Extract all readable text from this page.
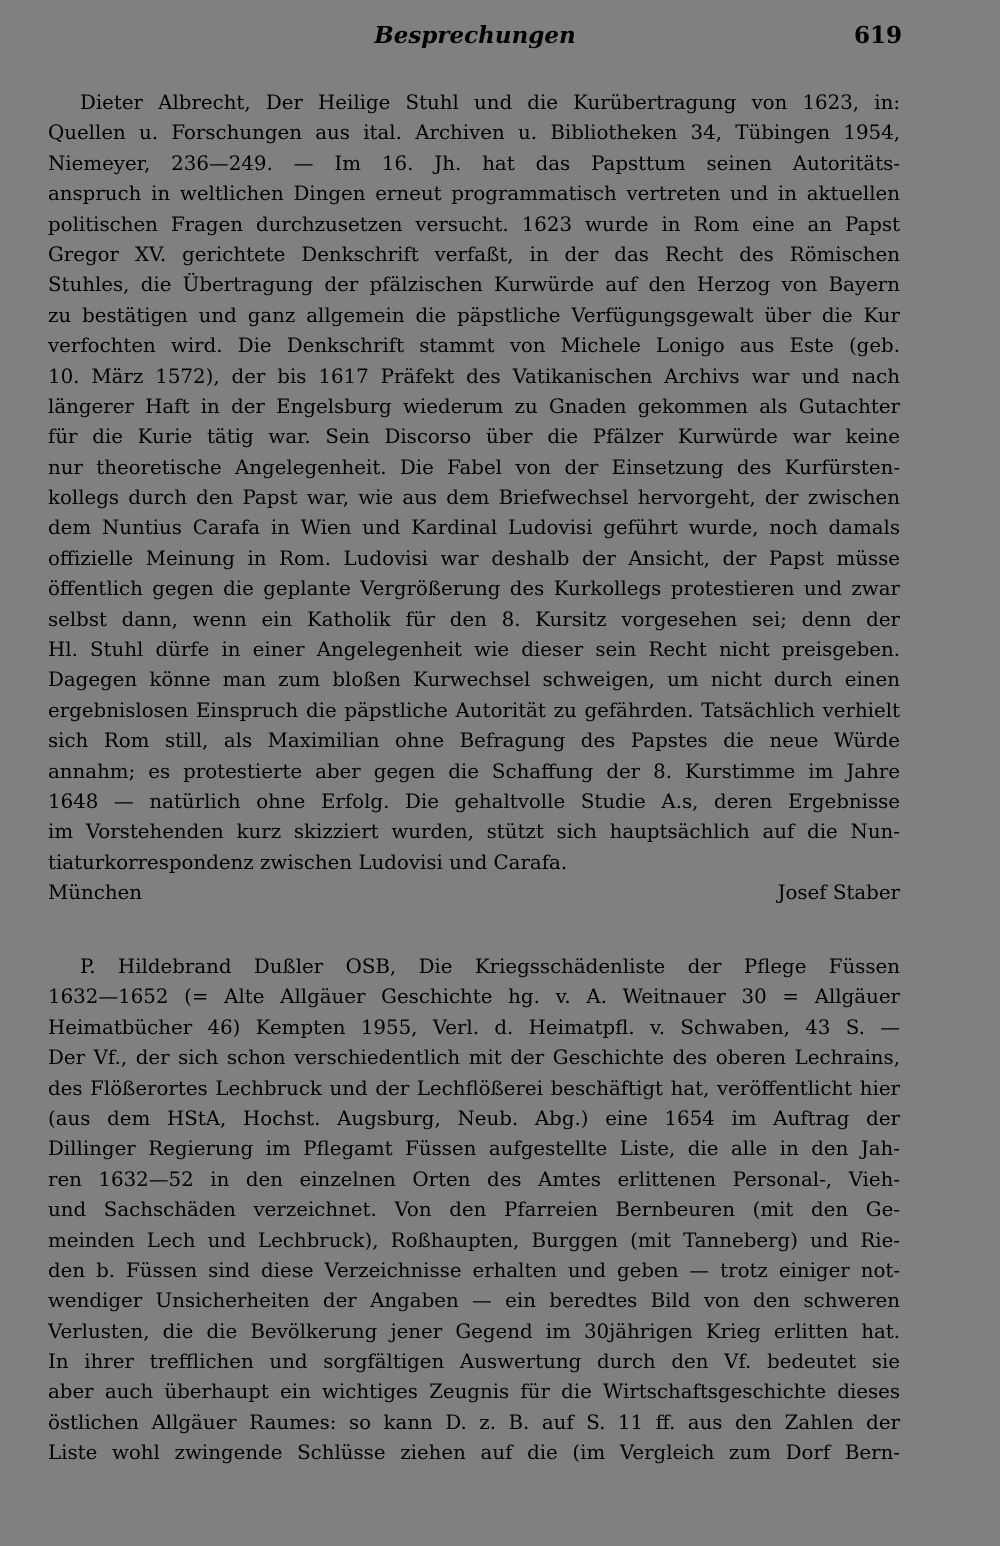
Besprechungen	619
Dieter Albrecht, Der Heilige Stuhl und die Kurübertragung von 1623, in:
Quellen u. Forschungen aus ital. Archiven u. Bibliotheken 34, Tübingen 1954,
Niemeyer, 236—249. — Im 16. Jh. hat das Papsttum seinen Autoritäts-
anspruch in weltlichen Dingen erneut programmatisch vertreten und in aktuellen
politischen Fragen durchzusetzen versucht. 1623 wurde in Rom eine an Papst
Gregor XV. gerichtete Denkschrift verfaßt, in der das Recht des Römischen
Stuhles, die Übertragung der pfälzischen Kurwürde auf den Herzog von Bayern
zu bestätigen und ganz allgemein die päpstliche Verfügungsgewalt über die Kur
verfochten wird. Die Denkschrift stammt von Michele Lonigo aus Este (geb.
10. März 1572), der bis 1617 Präfekt des Vatikanischen Archivs war und nach
längerer Haft in der Engelsburg wiederum zu Gnaden gekommen als Gutachter
für die Kurie tätig war. Sein Discorso über die Pfälzer Kurwürde war keine
nur theoretische Angelegenheit. Die Fabel von der Einsetzung des Kurfürsten-
kollegs durch den Papst war, wie aus dem Briefwechsel hervorgeht, der zwischen
dem Nuntius Carafa in Wien und Kardinal Ludovisi geführt wurde, noch damals
offizielle Meinung in Rom. Ludovisi war deshalb der Ansicht, der Papst müsse
öffentlich gegen die geplante Vergrößerung des Kurkollegs protestieren und zwar
selbst dann, wenn ein Katholik für den 8. Kursitz vorgesehen sei; denn der
Hl. Stuhl dürfe in einer Angelegenheit wie dieser sein Recht nicht preisgeben.
Dagegen könne man zum bloßen Kurwechsel schweigen, um nicht durch einen
ergebnislosen Einspruch die päpstliche Autorität zu gefährden. Tatsächlich verhielt
sich Rom still, als Maximilian ohne Befragung des Papstes die neue Würde
annahm; es protestierte aber gegen die Schaffung der 8. Kurstimme im Jahre
1648 — natürlich ohne Erfolg. Die gehaltvolle Studie A.s, deren Ergebnisse
im Vorstehenden kurz skizziert wurden, stützt sich hauptsächlich auf die Nun-
tiaturkorrespondenz zwischen Ludovisi und Carafa.
München	Josef Staber
P. Hildebrand Dußler OSB, Die Kriegsschädenliste der Pflege Füssen
1632—1652 (= Alte Allgäuer Geschichte hg. v. A. Weitnauer 30 = Allgäuer
Heimatbücher 46) Kempten 1955, Verl. d. Heimatpfl. v. Schwaben, 43 S. —
Der Vf., der sich schon verschiedentlich mit der Geschichte des oberen Lechrains,
des Flößerortes Lechbruck und der Lechflößerei beschäftigt hat, veröffentlicht hier
(aus dem HStA, Hochst. Augsburg, Neub. Abg.) eine 1654 im Auftrag der
Dillinger Regierung im Pflegamt Füssen aufgestellte Liste, die alle in den Jah-
ren 1632—52 in den einzelnen Orten des Amtes erlittenen Personal-, Vieh-
und Sachschäden verzeichnet. Von den Pfarreien Bernbeuren (mit den Ge-
meinden Lech und Lechbruck), Roßhaupten, Burggen (mit Tanneberg) und Rie-
den b. Füssen sind diese Verzeichnisse erhalten und geben — trotz einiger not-
wendiger Unsicherheiten der Angaben — ein beredtes Bild von den schweren
Verlusten, die die Bevölkerung jener Gegend im 30jährigen Krieg erlitten hat.
In ihrer trefflichen und sorgfältigen Auswertung durch den Vf. bedeutet sie
aber auch überhaupt ein wichtiges Zeugnis für die Wirtschaftsgeschichte dieses
östlichen Allgäuer Raumes: so kann D. z. B. auf S. 11 ff. aus den Zahlen der
Liste wohl zwingende Schlüsse ziehen auf die (im Vergleich zum Dorf Bern-
